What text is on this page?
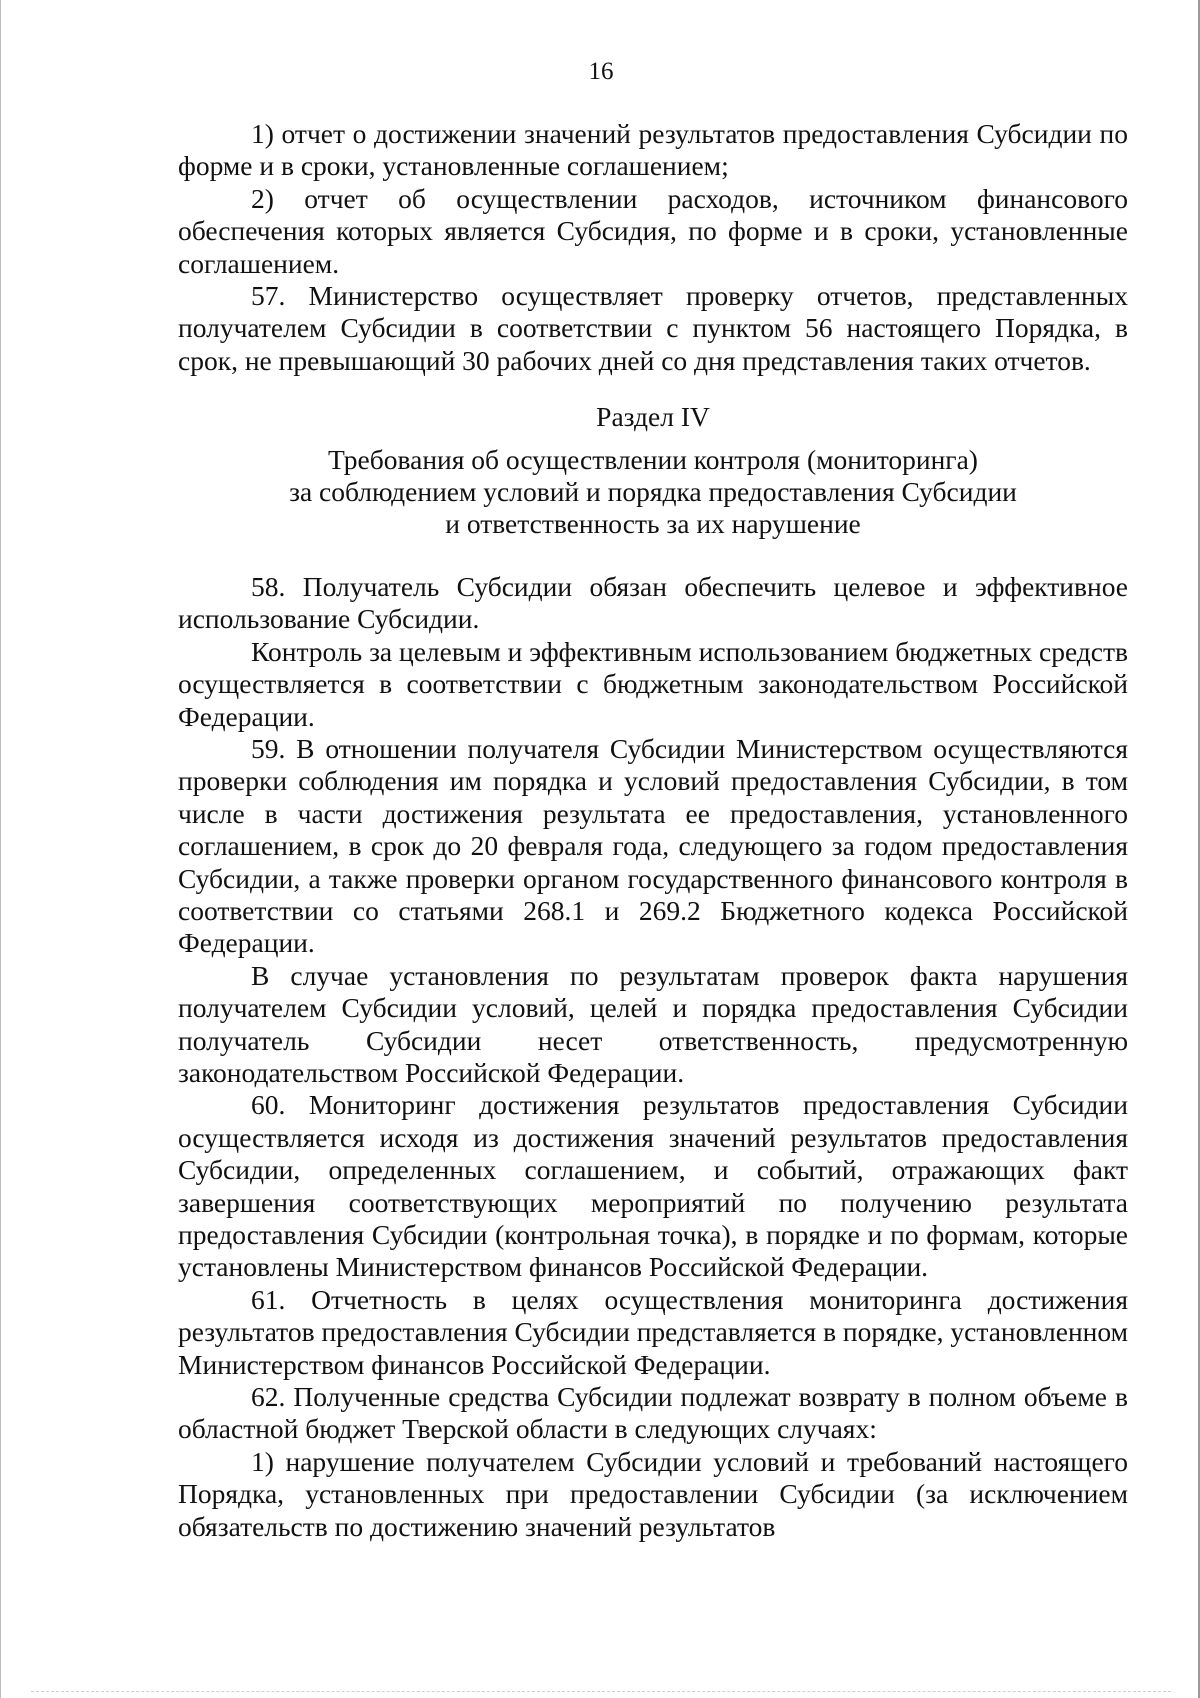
16

1) отчет о достижении значений результатов предоставления Субсидии по форме и в сроки, установленные соглашением;

2) отчет об осуществлении расходов, источником финансового обеспечения которых является Субсидия, по форме и в сроки, установленные соглашением.

57. Министерство осуществляет проверку отчетов, представленных получателем Субсидии в соответствии с пунктом 56 настоящего Порядка, в срок, не превышающий 30 рабочих дней со дня представления таких отчетов.

Раздел IV
Требования об осуществлении контроля (мониторинга)
за соблюдением условий и порядка предоставления Субсидии
и ответственность за их нарушение

58. Получатель Субсидии обязан обеспечить целевое и эффективное использование Субсидии.

Контроль за целевым и эффективным использованием бюджетных средств осуществляется в соответствии с бюджетным законодательством Российской Федерации.

59. В отношении получателя Субсидии Министерством осуществляются проверки соблюдения им порядка и условий предоставления Субсидии, в том числе в части достижения результата ее предоставления, установленного соглашением, в срок до 20 февраля года, следующего за годом предоставления Субсидии, а также проверки органом государственного финансового контроля в соответствии со статьями 268.1 и 269.2 Бюджетного кодекса Российской Федерации.

В случае установления по результатам проверок факта нарушения получателем Субсидии условий, целей и порядка предоставления Субсидии получатель Субсидии несет ответственность, предусмотренную законодательством Российской Федерации.

60. Мониторинг достижения результатов предоставления Субсидии осуществляется исходя из достижения значений результатов предоставления Субсидии, определенных соглашением, и событий, отражающих факт завершения соответствующих мероприятий по получению результата предоставления Субсидии (контрольная точка), в порядке и по формам, которые установлены Министерством финансов Российской Федерации.

61. Отчетность в целях осуществления мониторинга достижения результатов предоставления Субсидии представляется в порядке, установленном Министерством финансов Российской Федерации.

62. Полученные средства Субсидии подлежат возврату в полном объеме в областной бюджет Тверской области в следующих случаях:

1) нарушение получателем Субсидии условий и требований настоящего Порядка, установленных при предоставлении Субсидии (за исключением обязательств по достижению значений результатов
